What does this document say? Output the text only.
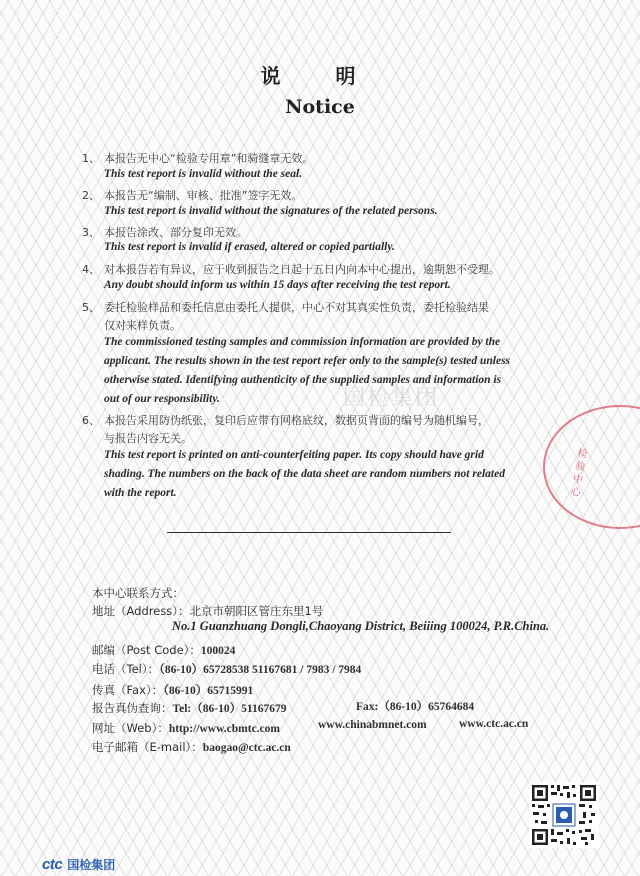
说 明
Notice
1、 本报告无中心“检验专用章”和骑缝章无效。
This test report is invalid without the seal.
2、 本报告无“编制、审核、批准”签字无效。
This test report is invalid without the signatures of the related persons.
3、 本报告涂改、部分复印无效。
This test report is invalid if erased, altered or copied partially.
4、 对本报告若有异议，应于收到报告之日起十五日内向本中心提出，逾期恕不受理。
Any doubt should inform us within 15 days after receiving the test report.
5、 委托检验样品和委托信息由委托人提供，中心不对其真实性负责，委托检验结果
仅对来样负责。
The commissioned testing samples and commission information are provided by the
applicant. The results shown in the test report refer only to the sample(s) tested unless
otherwise stated. Identifying authenticity of the supplied samples and information is
out of our responsibility.
6、 本报告采用防伪纸张，复印后应带有网格底纹，数据页背面的编号为随机编号，
与报告内容无关。
This test report is printed on anti-counterfeiting paper. Its copy should have grid
shading. The numbers on the back of the data sheet are random numbers not related
with the report.
国检集团
检验中心
本中心联系方式：
地址（Address）：北京市朝阳区管庄东里1号
No.1 Guanzhuang Dongli,Chaoyang District, Beiiing 100024, P.R.China.
邮编（Post Code）：100024
电话（Tel）：（86-10）65728538 51167681 / 7983 / 7984
传真（Fax）：（86-10）65715991
报告真伪查询：Tel:（86-10）51167679	Fax:（86-10）65764684
网址（Web）：http://www.cbmtc.com	www.chinabmnet.com	www.ctc.ac.cn
电子邮箱（E-mail）：baogao@ctc.ac.cn
ctc 国检集团
